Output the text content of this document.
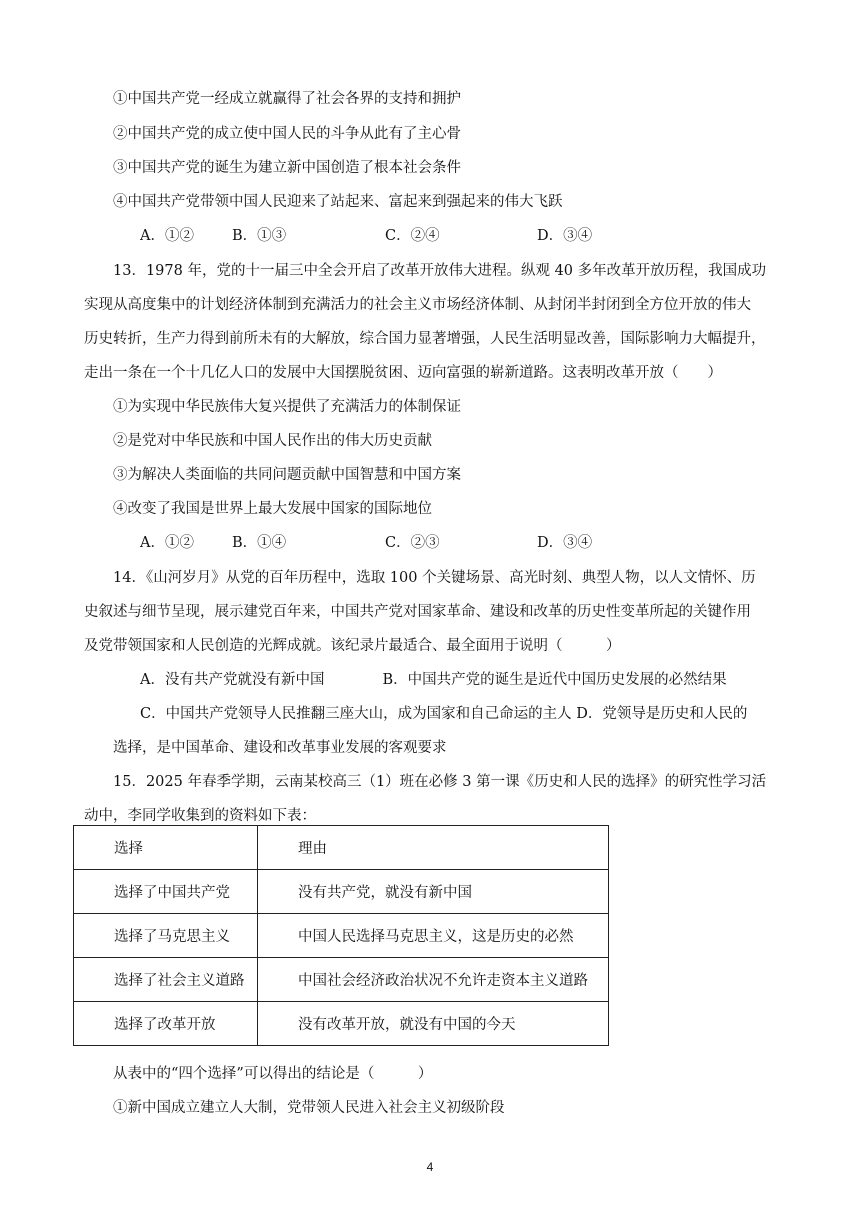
①中国共产党一经成立就赢得了社会各界的支持和拥护
②中国共产党的成立使中国人民的斗争从此有了主心骨
③中国共产党的诞生为建立新中国创造了根本社会条件
④中国共产党带领中国人民迎来了站起来、富起来到强起来的伟大飞跃
A．①②	B．①③	C．②④	D．③④
13．1978 年，党的十一届三中全会开启了改革开放伟大进程。纵观 40 多年改革开放历程，我国成功
实现从高度集中的计划经济体制到充满活力的社会主义市场经济体制、从封闭半封闭到全方位开放的伟大
历史转折，生产力得到前所未有的大解放，综合国力显著增强，人民生活明显改善，国际影响力大幅提升，
走出一条在一个十几亿人口的发展中大国摆脱贫困、迈向富强的崭新道路。这表明改革开放（　　）
①为实现中华民族伟大复兴提供了充满活力的体制保证
②是党对中华民族和中国人民作出的伟大历史贡献
③为解决人类面临的共同问题贡献中国智慧和中国方案
④改变了我国是世界上最大发展中国家的国际地位
A．①②	B．①④	C．②③	D．③④
14．《山河岁月》从党的百年历程中，选取 100 个关键场景、高光时刻、典型人物，以人文情怀、历
史叙述与细节呈现，展示建党百年来，中国共产党对国家革命、建设和改革的历史性变革所起的关键作用
及党带领国家和人民创造的光辉成就。该纪录片最适合、最全面用于说明（　　　）
A．没有共产党就没有新中国　　　　B．中国共产党的诞生是近代中国历史发展的必然结果
C．中国共产党领导人民推翻三座大山，成为国家和自己命运的主人 D．党领导是历史和人民的
选择，是中国革命、建设和改革事业发展的客观要求
15．2025 年春季学期，云南某校高三（1）班在必修 3 第一课《历史和人民的选择》的研究性学习活
动中，李同学收集到的资料如下表：
选择	理由
选择了中国共产党	没有共产党，就没有新中国
选择了马克思主义	中国人民选择马克思主义，这是历史的必然
选择了社会主义道路	中国社会经济政治状况不允许走资本主义道路
选择了改革开放	没有改革开放，就没有中国的今天
从表中的“四个选择”可以得出的结论是（　　　）
①新中国成立建立人大制，党带领人民进入社会主义初级阶段
4
